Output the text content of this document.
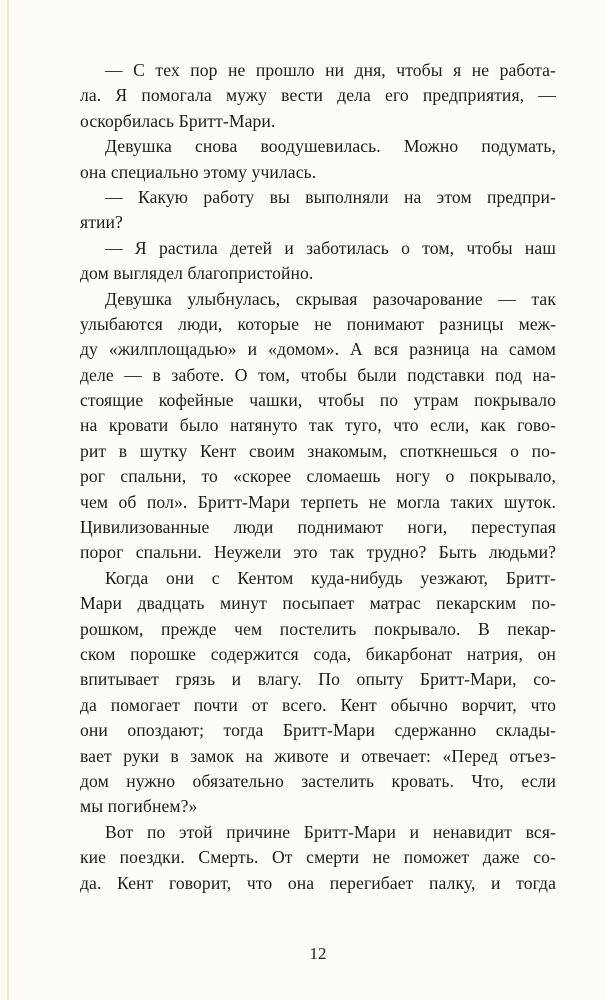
— С тех пор не прошло ни дня, чтобы я не работа-
ла. Я помогала мужу вести дела его предприятия, —
оскорбилась Бритт-Мари.
Девушка снова воодушевилась. Можно подумать,
она специально этому училась.
— Какую работу вы выполняли на этом предпри-
ятии?
— Я растила детей и заботилась о том, чтобы наш
дом выглядел благопристойно.
Девушка улыбнулась, скрывая разочарование — так
улыбаются люди, которые не понимают разницы меж-
ду «жилплощадью» и «домом». А вся разница на самом
деле — в заботе. О том, чтобы были подставки под на-
стоящие кофейные чашки, чтобы по утрам покрывало
на кровати было натянуто так туго, что если, как гово-
рит в шутку Кент своим знакомым, споткнешься о по-
рог спальни, то «скорее сломаешь ногу о покрывало,
чем об пол». Бритт-Мари терпеть не могла таких шуток.
Цивилизованные люди поднимают ноги, переступая
порог спальни. Неужели это так трудно? Быть людьми?
Когда они с Кентом куда-нибудь уезжают, Бритт-
Мари двадцать минут посыпает матрас пекарским по-
рошком, прежде чем постелить покрывало. В пекар-
ском порошке содержится сода, бикарбонат натрия, он
впитывает грязь и влагу. По опыту Бритт-Мари, со-
да помогает почти от всего. Кент обычно ворчит, что
они опоздают; тогда Бритт-Мари сдержанно склады-
вает руки в замок на животе и отвечает: «Перед отъез-
дом нужно обязательно застелить кровать. Что, если
мы погибнем?»
Вот по этой причине Бритт-Мари и ненавидит вся-
кие поездки. Смерть. От смерти не поможет даже со-
да. Кент говорит, что она перегибает палку, и тогда
12
